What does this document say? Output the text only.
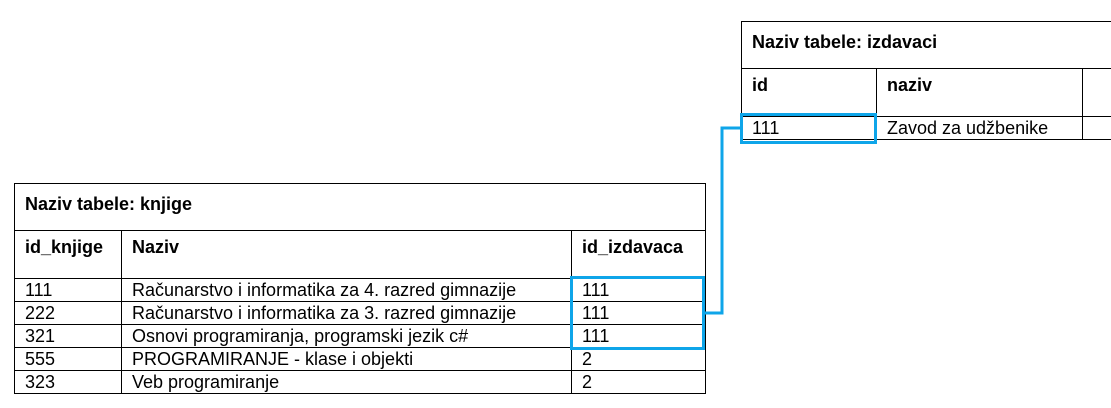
Naziv tabele: izdavaci		
id	naziv	
111	Zavod za udžbenike	
Naziv tabele: knjige		
id_knjige	Naziv	id_izdavaca
111	Računarstvo i informatika za 4. razred gimnazije	111
222	Računarstvo i informatika za 3. razred gimnazije	111
321	Osnovi programiranja, programski jezik c#	111
555	PROGRAMIRANJE - klase i objekti	2
323	Veb programiranje	2
